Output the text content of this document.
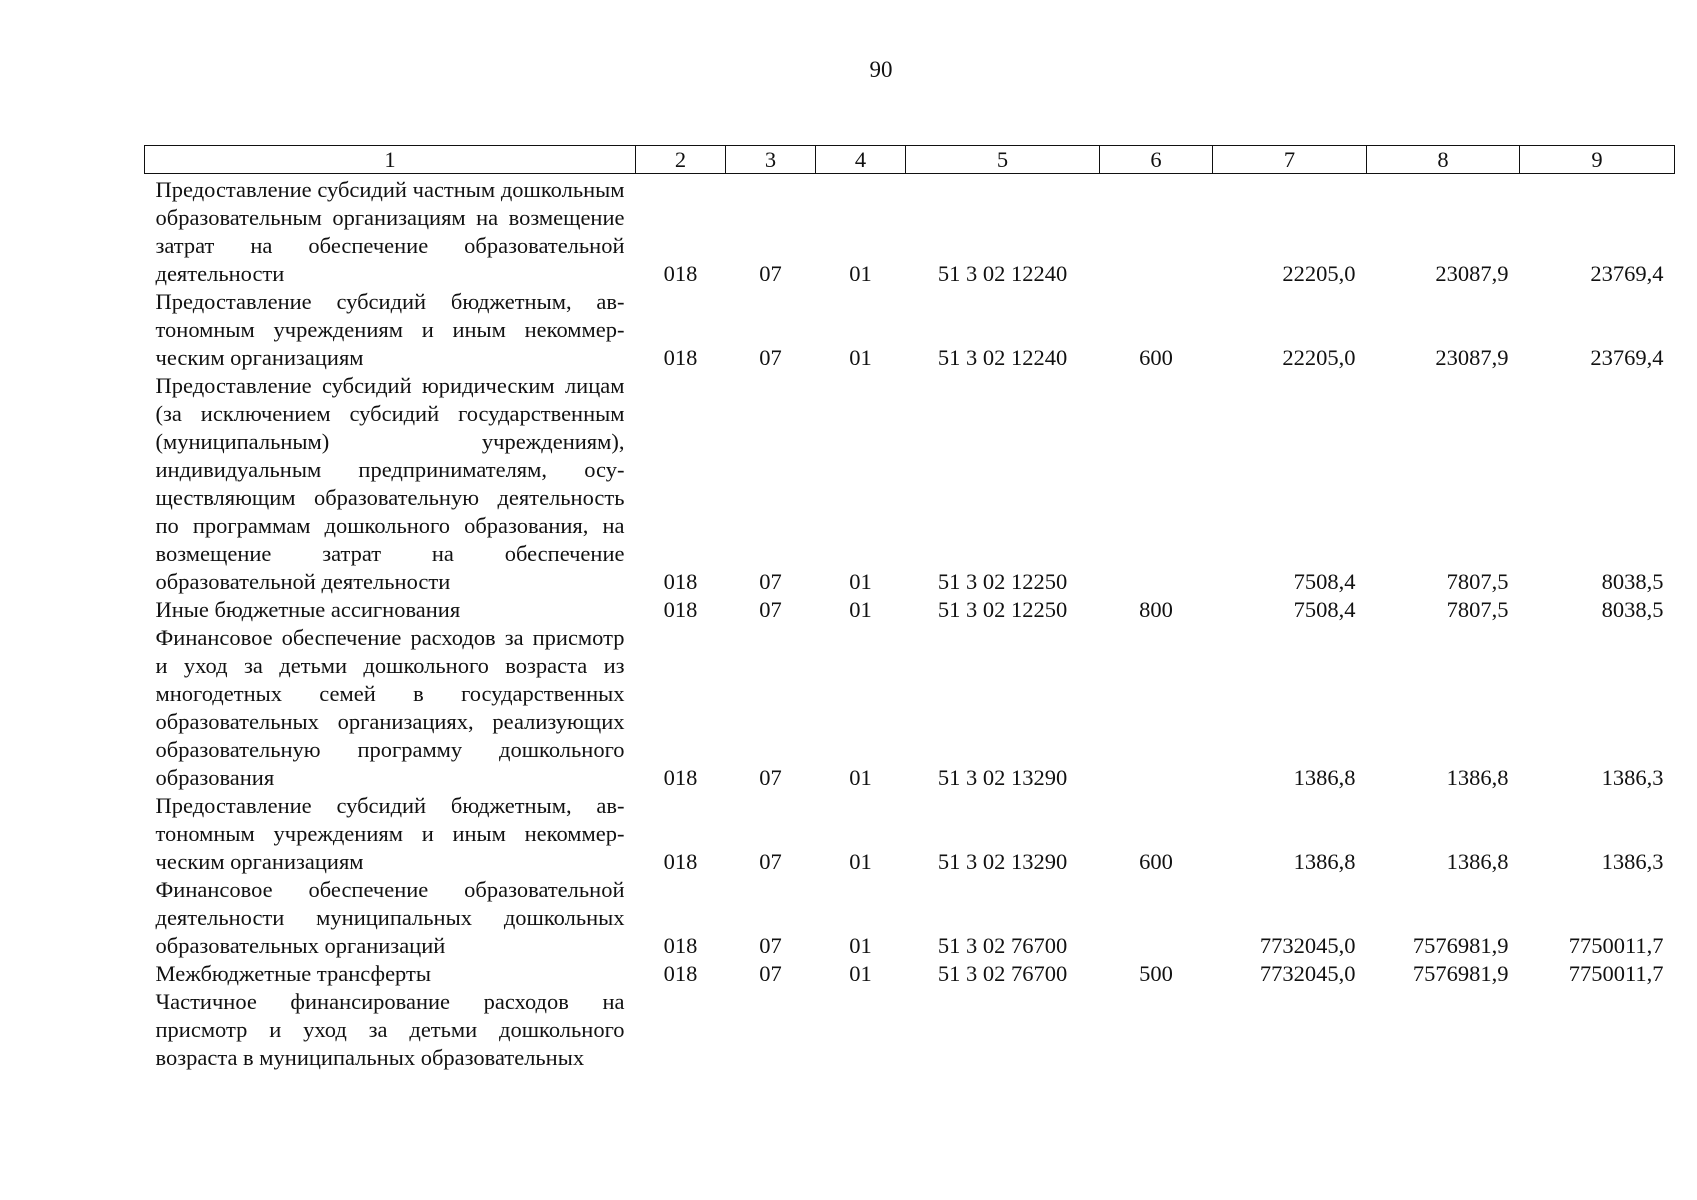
90
1	2	3	4	5	6	7	8	9
Предоставление субсидий частным дошкольным образовательным организациям на возмещение затрат на обеспечение образовательной деятельности	018	07	01	51 3 02 12240		22205,0	23087,9	23769,4
Предоставление субсидий бюджетным, автономным учреждениям и иным некоммерческим организациям	018	07	01	51 3 02 12240	600	22205,0	23087,9	23769,4
Предоставление субсидий юридическим лицам (за исключением субсидий государственным (муниципальным) учреждениям), индивидуальным предпринимателям, осуществляющим образовательную деятельность по программам дошкольного образования, на возмещение затрат на обеспечение образовательной деятельности	018	07	01	51 3 02 12250		7508,4	7807,5	8038,5
Иные бюджетные ассигнования	018	07	01	51 3 02 12250	800	7508,4	7807,5	8038,5
Финансовое обеспечение расходов за присмотр и уход за детьми дошкольного возраста из многодетных семей в государственных образовательных организациях, реализующих образовательную программу дошкольного образования	018	07	01	51 3 02 13290		1386,8	1386,8	1386,3
Предоставление субсидий бюджетным, автономным учреждениям и иным некоммерческим организациям	018	07	01	51 3 02 13290	600	1386,8	1386,8	1386,3
Финансовое обеспечение образовательной деятельности муниципальных дошкольных образовательных организаций	018	07	01	51 3 02 76700		7732045,0	7576981,9	7750011,7
Межбюджетные трансферты	018	07	01	51 3 02 76700	500	7732045,0	7576981,9	7750011,7
Частичное финансирование расходов на присмотр и уход за детьми дошкольного возраста в муниципальных образовательных								
